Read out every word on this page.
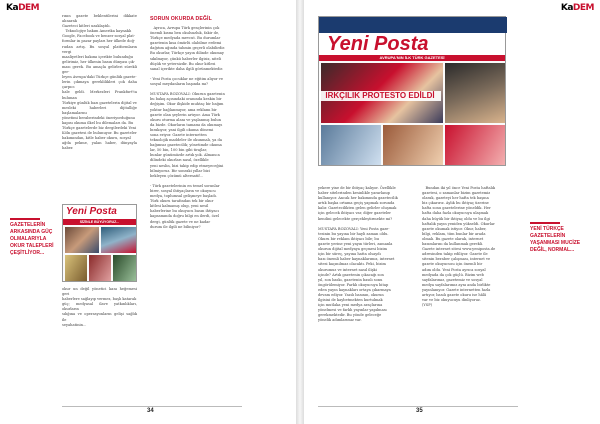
KaDEM
rının gazete beklentilerini dikkate alınarak
Gazeteci kitleri uzaklaştılı.
Teknolojiye bakım Amerika kaynaklı
Google, Facebook ve benzer sosyal plat-
formlar in pazar payları her ülkede doğ-
rudan artış. Bu sosyal platformların vergi
maaliyetleri bakımı içerikte bulunduğu
gelirimiz, her ülkenin basın dünyası çık-
ması gerek. Bu amaçla gelirleri sürekli ger-
leyen Avrupa'daki Türkçe günlük gazete-
lerin çıkmaya gereklilikleri çok daha çarpıcı
hale geldi. Merkezleri Frankfurt'ta bulunan
Türkiye günlük bazı gazetelerin dijital ve
mesleki haberleri dijitalliğe başlamalarını
yönetimi beraberindeki öneriyorduğunu
kapısı okuma ilkel bu dilemaları da. Bu
Türkçe gazetelerde biz dergilerdeki Yeni
Köln gazetesi de bulunuyor. Bu gazeteler
bakımından, kitle haber okuru, sosyal
ağda pekme, yalan haber, dünyayla haber.
Yeni Posta
SİZİNLE BÜYÜYORUZ...
okur un değil yönetici kanı heğemesi geri
haberlere sağlayıp vermez, başlı katarak
güç; medyasal ilave yatkınlıkları, okurların
sılığına ve operasyonların gelişi sağlık ile
seyahatinin...
GAZETELERİN
ARKASINDA GÜÇ
OLMALARIYLA
OKUR TALEPLERİ
ÇEŞİTLİYOR...
SORUN OKURDA DEĞİL
Ayrıca, Avrupa Türk gençlerinin çok
önemli kısmı ben okulsuzluk, fakir de,
Türkçe medyada mevcut. Bu durumlar
gazetenin kısa ömürlü olabilme erdemi
dağıtım ağında tahmin geçerli olabilirdir.
Bu okurlar, Türkçe yayın dilinde okumay
sıkılmıyor, çünkü haberler ilgisiz, niteli
düşük ve yetersizdir. Bu okur kitlesi
sanal içerikte daha ilgili görünmektedir.

- Yeni Posta çocuklar ne eğitim alıyor ve
sosyal meydanların başında mı?

MUSTAFA BOZOVALI: Okurun gazetenin
bu bakış açısındaki oranında keskin bir
değişim. Okur ilişkide muhtaç bir bağım
yoktur bağlanmıyor, ama reklamı bir
gazete olan şeylerin artıyor. Ama Türk
okuru oturma alanı ve yaşlanmış bulun
da bizde. Okurların tamamı da okumayı
bırakıyor, yani ilgili okuma dönemi
sona eriyor. Gazete internetten
teknolojik maddeler ile okunmalı, ya da
bağımsız gazetecilik; yönetimde okuma
lar, 50 bin, 100 bin gibi tirajlar,
bunlar günümüzde artık yok. Almanca
dilindeki okurları nasıl, özellikle
yeni neslin, bizi takip edip etmeyeceğini
bilmiyoruz. Bir sonraki yıllar bizi
bekleyen çözümü alternatif...

- Türk gazetelerinin en temel sorunlar
birer, sosyal ihtiyaçların ve okuyucu
medya, toplumsal gelişmeye başladı.
Türk okuru tarafından tek bir okur
kitlesi kalmamış olup, yeni nesil
haberlerine bu okuyucu basın ihtiyacı
kapsamında doğru bilgi en ilerdi, özel
dergi, günlük gazete ve ne kadar
durum ile ilgili ne biliniyor?
34
KaDEM
Yeni Posta
AVRUPA'NIN İLK TÜRK GAZETESİ
IRKÇILIK PROTESTO EDİLDİ
yekere yine de bir ihtiyaç kalıyor. Özellikle
haber sitelerinden kesinlikle yararlanıp
kullanıyor. Ancak her bakımında gazetecilik
artık başka ortama geçiş yapmak zorunda
kalır. Gazetecilikten gelen gelirler oluşmak
için gelecek ihtiyacı var, diğer gazeteler
kendini gelecekte gerçekleştirmekte mi?

MUSTAFA BOZOVALI: Yeni Posta gaze-
tesinin bu yayına bir hayli zaman oldu.
Okuru bir reklam ihtiyacı bile; bu
gazete yerine yeni yayın türleri, zamanla
okurun dijital medyaya geçmesi bizim
için bir süreç, yayına hatta olsaydı
bazı önemli haber kaynaklarımız, internet
sitesi kaçınılmaz olacaktı. Peki, bizim
okurumuz ve internet nasıl ilişki
içinde? Artık gazetenin çıkacağı son
yıl, son baskı, gazetenin basılı sonu
öngörülemiyor. Farklı okuyucuya hitap
eden yayın kaynakları ortaya çıkarmaya
devam ediyor. Yazılı basının, okurun
ilgisini de kaybetmekten kurtulmak
için mutlaka yeni medya araçlarına
yönelmesi ve farklı yayınlar yapılması
gerekmektedir. Bu yönde geleceğe
yönelik adımlarımız var.
Bundan iki yıl önce Yeni Posta haftalık
gazetesi, o zamanlar bizim gazetemiz
olarak, gazeteyi her hafta tek başına
biz çıkarırız. Aylık bu ihtiyaç üzerine
hafta sonu gazetelerine yöneldik. Her
hafta daha fazla okuyucuya ulaşmak
daha büyük bir ihtiyaç oldu ve bu ilgi
haftalık yayın yeniden yükseldi. Okurlar
gazete okumak istiyor. Okur, haber,
bilgi, reklam, tüm bunlar bir arada
olmalı. Bu gazete olarak, internet
basımlarını da kullanmak gerekli.
Gazete internet sitesi www.yeniposta.de
adresinden takip ediliyor. Gazete ile
sitenin beraber çalışması, internet ve
gazete okuyucusu için önemli bir
adım oldu. Yeni Posta ayrıca sosyal
medyada da çok güçlü. Bizim web
sayfalarımız, gazetemiz ve sosyal
medya sayfalarımız aynı anda birlikte
yayınlanıyor. Gazete internetten hızla
artıyor, basılı gazete okuru ise hâlâ
var ve biz okuyucuyu dinliyoruz.
(YSP)
YENİ TÜRKÇE
GAZETELERİN
YAŞANMASI MUCİZE
DEĞİL, NORMAL...
35
